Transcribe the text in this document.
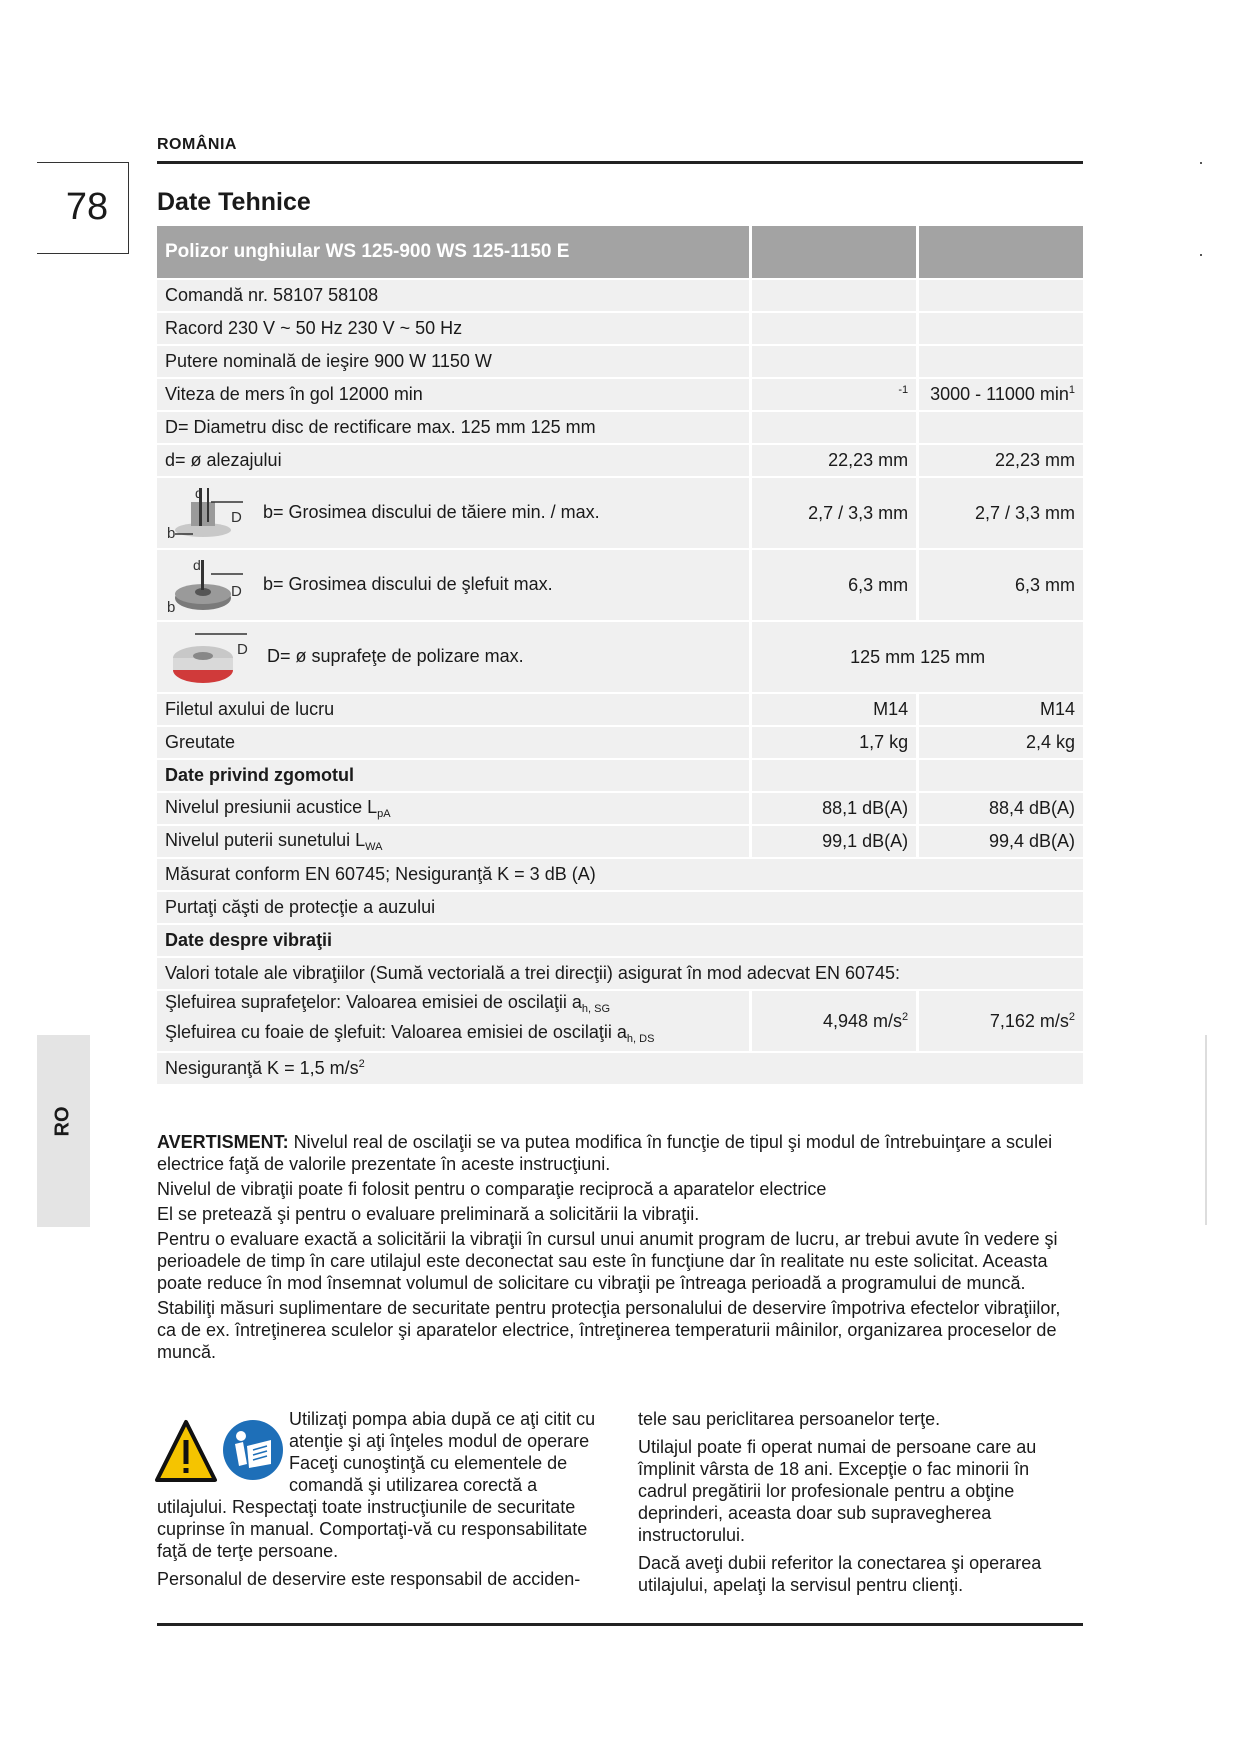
ROMÂNIA
78	Date Tehnice
RO
Polizor unghiular WS 125-900 WS 125-1150 E		
Comandă nr. 58107 58108		
Racord 230 V ~ 50 Hz 230 V ~ 50 Hz		
Putere nominală de ieşire 900 W 1150 W		
Viteza de mers în gol 12000 min	$^{-1}$	3000 - 11000 $\min^1$
D= Diametru disc de rectificare max. 125 mm 125 mm		
d= ø alezajului	22,23 mm	22,23 mm

D
d
b
b= Grosimea discului de tăiere min. / max.	2,7 / 3,3 mm	2,7 / 3,3 mm

D
d
b
b= Grosimea discului de şlefuit max.	6,3 mm	6,3 mm

D D= ø suprafeţe de polizare max.	125 mm 125 mm	
Filetul axului de lucru	M14	M14
Greutate	1,7 kg	2,4 kg
Date privind zgomotul		
Nivelul presiunii acustice $L_{pA}$	88,1 dB(A)	88,4 dB(A)
Nivelul puterii sunetului $L_{WA}$	99,1 dB(A)	99,4 dB(A)
Măsurat conform EN 60745; Nesiguranţă K = 3 dB (A)		
Purtaţi căşti de protecţie a auzului		
Date despre vibraţii		
Valori totale ale vibraţiilor (Sumă vectorială a trei direcţii) asigurat în mod adecvat EN 60745:		
Şlefuirea suprafeţelor: Valoarea emisiei de oscilaţii $a_{h, SG}$
Şlefuirea cu foaie de şlefuit: Valoarea emisiei de oscilaţii $a_{h, DS}$	4,948 $m/s^2$	7,162 $m/s^2$
Nesiguranţă K = 1,5 $m/s^2$

AVERTISMENT: Nivelul real de oscilaţii se va putea modifica în funcţie de tipul şi modul de întrebuinţare a sculei electrice faţă de valorile prezentate în aceste instrucţiuni.

Nivelul de vibraţii poate fi folosit pentru o comparaţie reciprocă a aparatelor electrice

El se pretează şi pentru o evaluare preliminară a solicitării la vibraţii.

Pentru o evaluare exactă a solicitării la vibraţii în cursul unui anumit program de lucru, ar trebui avute în vedere şi perioadele de timp în care utilajul este deconectat sau este în funcţiune dar în realitate nu este solicitat. Aceasta poate reduce în mod însemnat volumul de solicitare cu vibraţii pe întreaga perioadă a programului de muncă.

Stabiliţi măsuri suplimentare de securitate pentru protecţia personalului de deservire împotriva efectelor vibraţiilor, ca de ex. întreţinerea sculelor şi aparatelor electrice, întreţinerea temperaturii mâinilor, organizarea proceselor de muncă.

Utilizaţi pompa abia după ce aţi citit cu atenţie şi aţi înţeles modul de operare Faceţi cunoştinţă cu elementele de comandă şi utilizarea corectă a utilajului. Respectaţi toate instrucţiunile de securitate cuprinse în manual. Comportaţi-vă cu responsabilitate faţă de terţe persoane.

Personalul de deservire este responsabil de acciden-

tele sau periclitarea persoanelor terţe.

Utilajul poate fi operat numai de persoane care au împlinit vârsta de 18 ani. Excepţie o fac minorii în cadrul pregătirii lor profesionale pentru a obţine deprinderi, aceasta doar sub supravegherea instructorului.

Dacă aveţi dubii referitor la conectarea şi operarea utilajului, apelaţi la servisul pentru clienţi.
